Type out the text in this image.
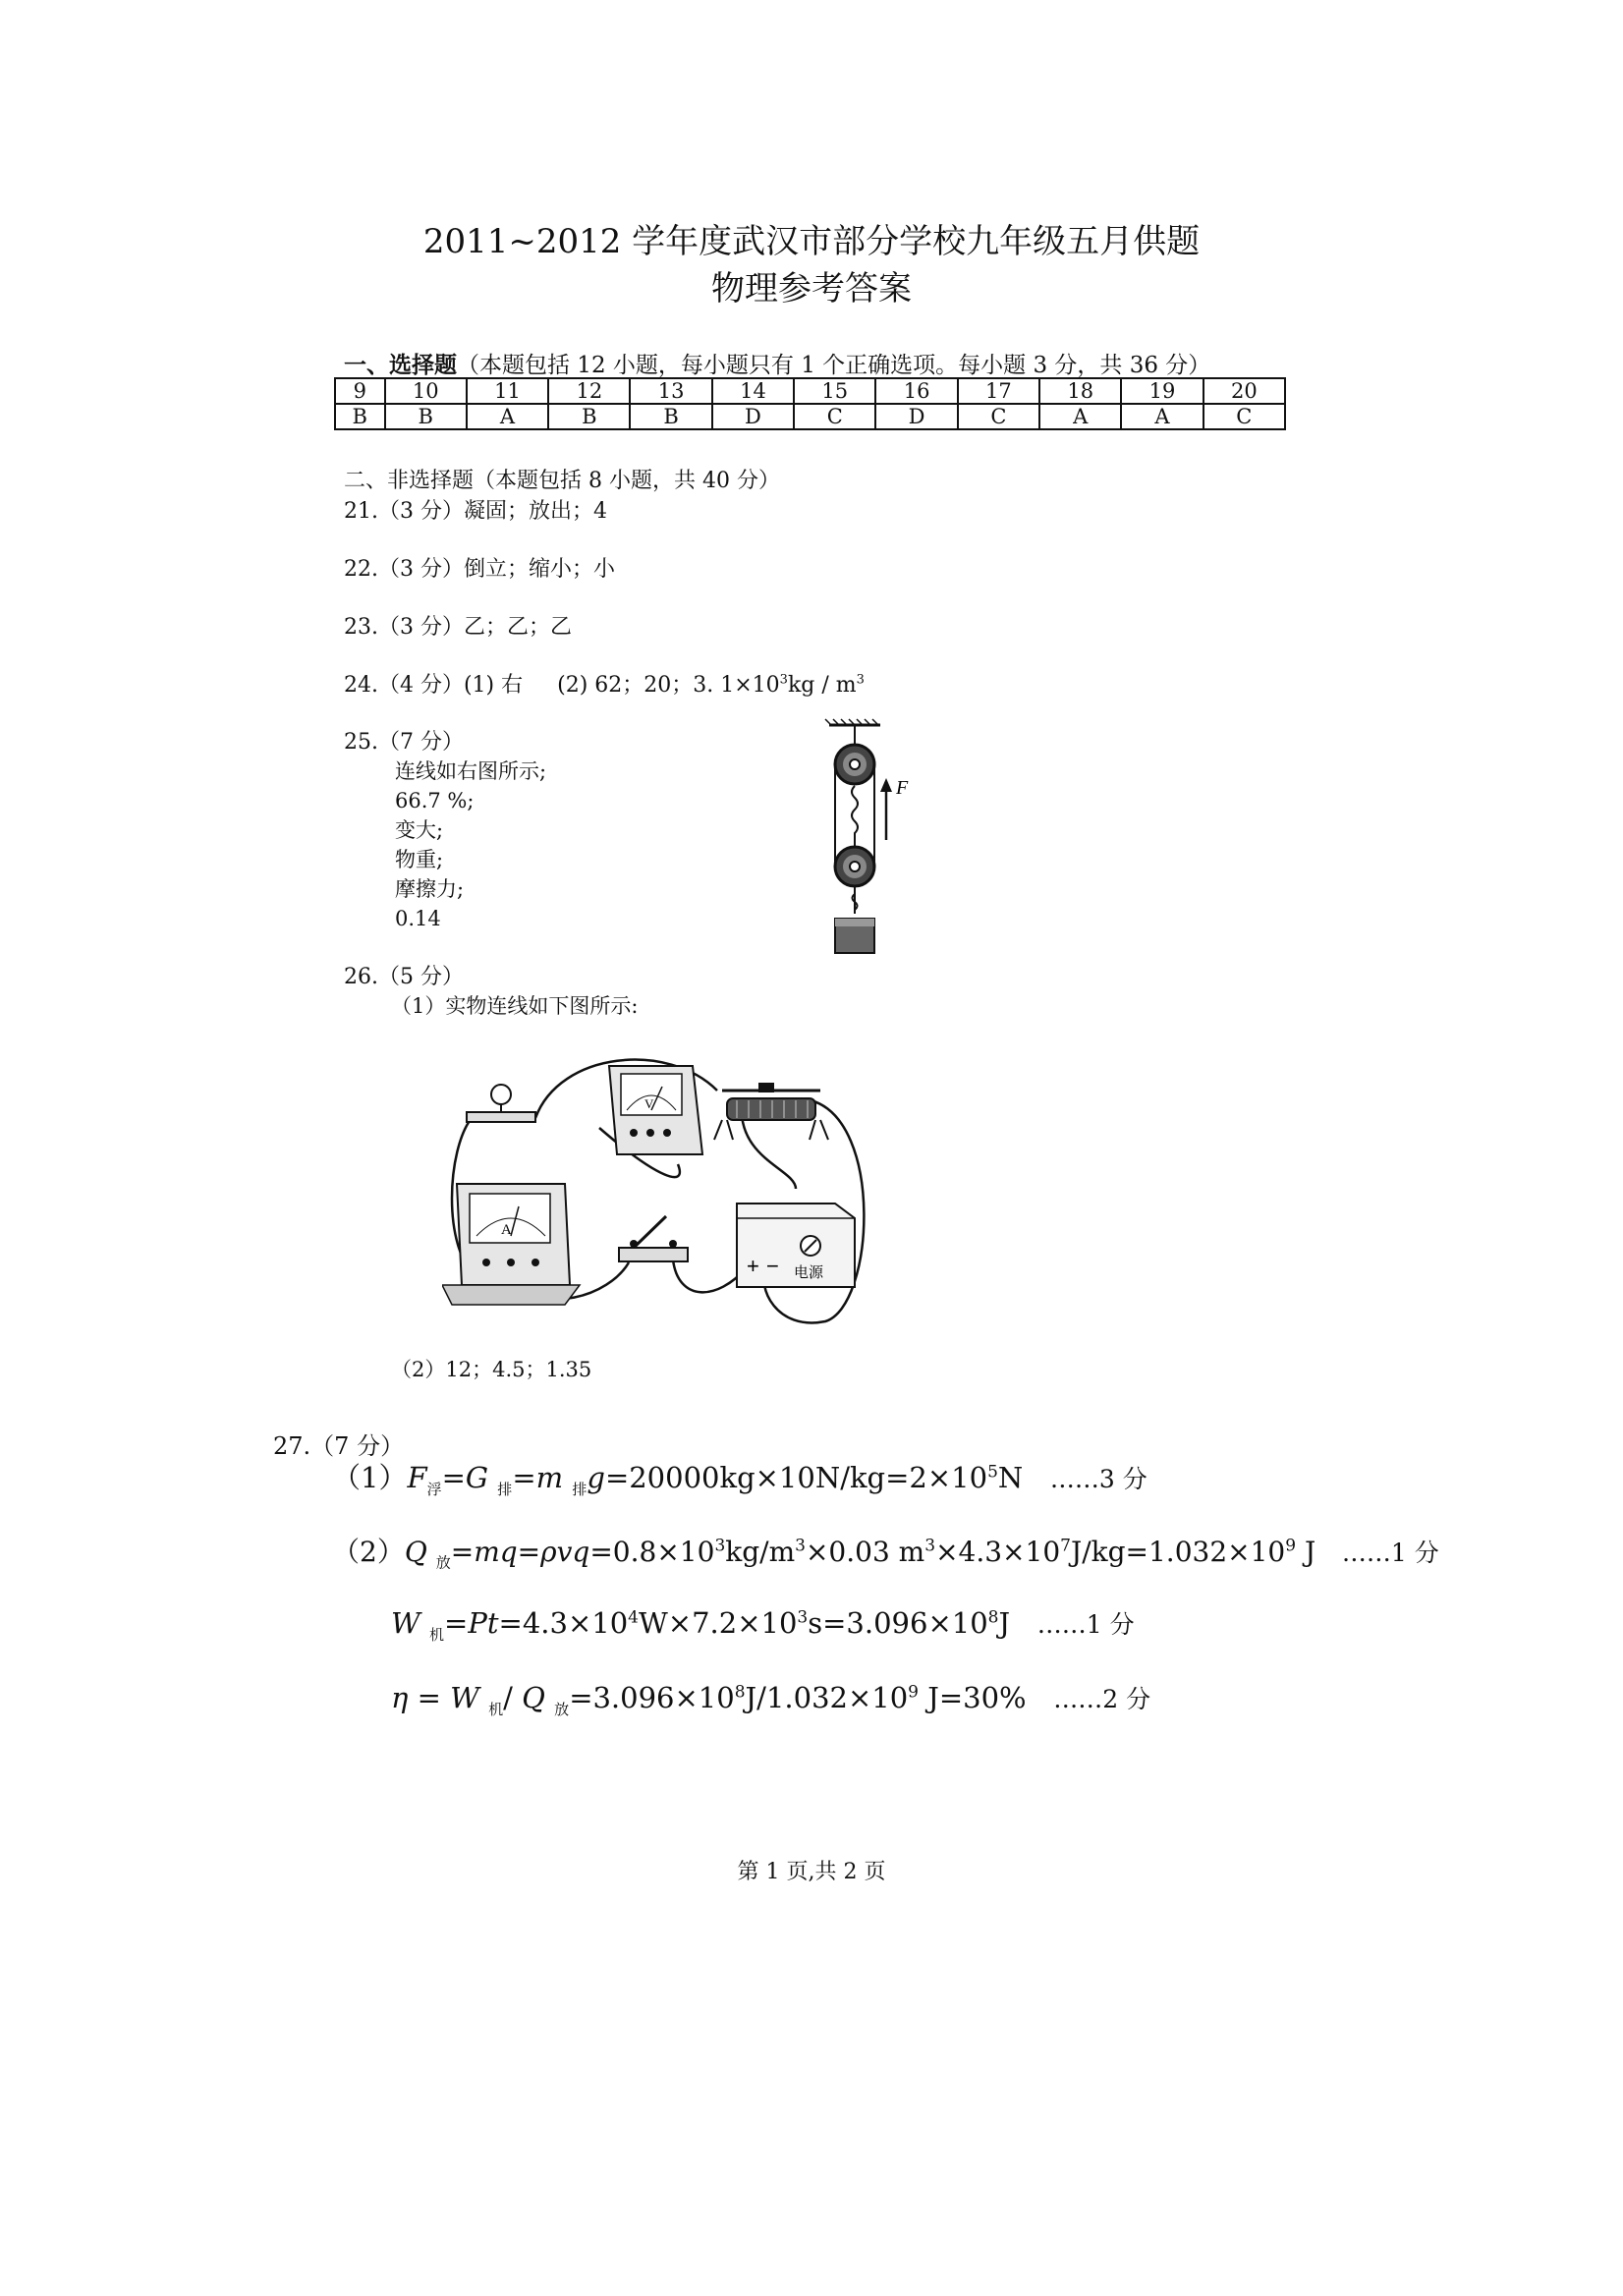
2011~2012 学年度武汉市部分学校九年级五月供题
物理参考答案
一、选择题（本题包括 12 小题，每小题只有 1 个正确选项。每小题 3 分，共 36 分）
9	10	11	12	13	14	15	16	17	18	19	20
B	B	A	B	B	D	C	D	C	A	A	C
二、非选择题（本题包括 8 小题，共 40 分）
21.（3 分）凝固；放出；4
22.（3 分）倒立；缩小；小
23.（3 分）乙；乙；乙
24.（4 分）(1) 右 (2) 62；20；3. $1\times 10^3kg / m^3$
25.（7 分）
连线如右图所示;
66.7 %;
变大;
物重;
摩擦力;
0.14
F
26.（5 分）
（1）实物连线如下图所示:
V
A
+ − 电源
（2）12；4.5；1.35
27.（7 分）
$(1)F_浮=G$ $_排$=m $_排g=20000kg\times 10N/kg=2\times 10^5N$ ……3 分
（2）Q $_放=mq=\rho vq=0.8\times 10^3kg/m^3\times 0.03$ $m^3\times 4.3\times 10^7J/kg=1.032\times 10^9$ J ……1 分
W $_机=Pt=4.3\times 10^4W\times 7.2\times 10^3s=3.096\times 10^8J$ ……1 分
η = W $_机$/ Q $_放=3.096\times 10^8J/1.032\times 10^9$ J=30% ……2 分
第 1 页,共 2 页
